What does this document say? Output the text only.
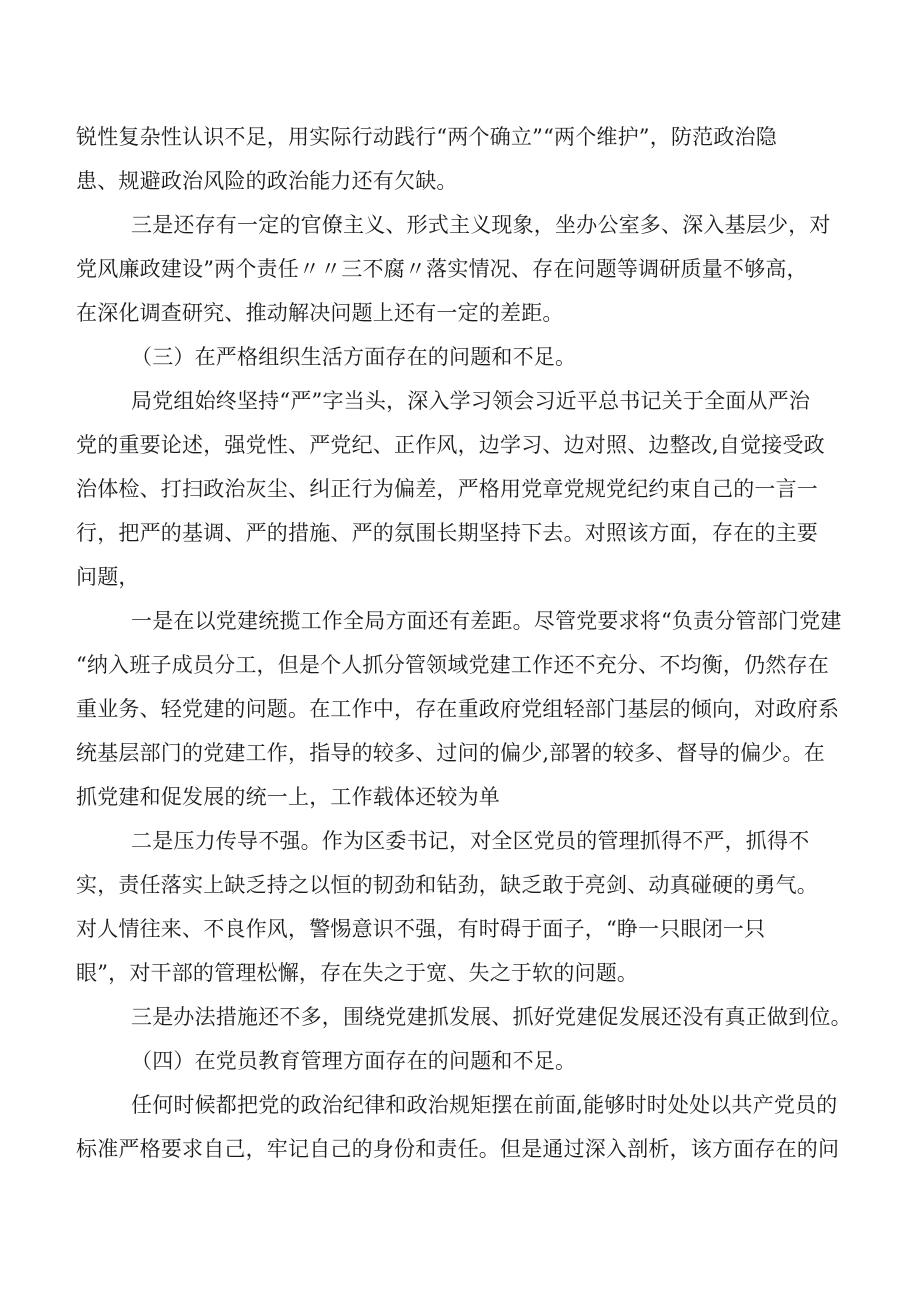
锐性复杂性认识不足，用实际行动践行“两个确立”“两个维护”，防范政治隐
患、规避政治风险的政治能力还有欠缺。
三是还存有一定的官僚主义、形式主义现象，坐办公室多、深入基层少，对
党风廉政建设”两个责任〃〃三不腐〃落实情况、存在问题等调研质量不够高，
在深化调查研究、推动解决问题上还有一定的差距。
（三）在严格组织生活方面存在的问题和不足。
局党组始终坚持“严”字当头，深入学习领会习近平总书记关于全面从严治
党的重要论述，强党性、严党纪、正作风，边学习、边对照、边整改,自觉接受政
治体检、打扫政治灰尘、纠正行为偏差，严格用党章党规党纪约束自己的一言一
行，把严的基调、严的措施、严的氛围长期坚持下去。对照该方面，存在的主要
问题，
一是在以党建统揽工作全局方面还有差距。尽管党要求将“负责分管部门党建
“纳入班子成员分工，但是个人抓分管领域党建工作还不充分、不均衡，仍然存在
重业务、轻党建的问题。在工作中，存在重政府党组轻部门基层的倾向，对政府系
统基层部门的党建工作，指导的较多、过问的偏少,部署的较多、督导的偏少。在
抓党建和促发展的统一上，工作载体还较为单
二是压力传导不强。作为区委书记，对全区党员的管理抓得不严，抓得不
实，责任落实上缺乏持之以恒的韧劲和钻劲，缺乏敢于亮剑、动真碰硬的勇气。
对人情往来、不良作风，警惕意识不强，有时碍于面子，“睁一只眼闭一只
眼”，对干部的管理松懈，存在失之于宽、失之于软的问题。
三是办法措施还不多，围绕党建抓发展、抓好党建促发展还没有真正做到位。
（四）在党员教育管理方面存在的问题和不足。
任何时候都把党的政治纪律和政治规矩摆在前面,能够时时处处以共产党员的
标准严格要求自己，牢记自己的身份和责任。但是通过深入剖析，该方面存在的问
